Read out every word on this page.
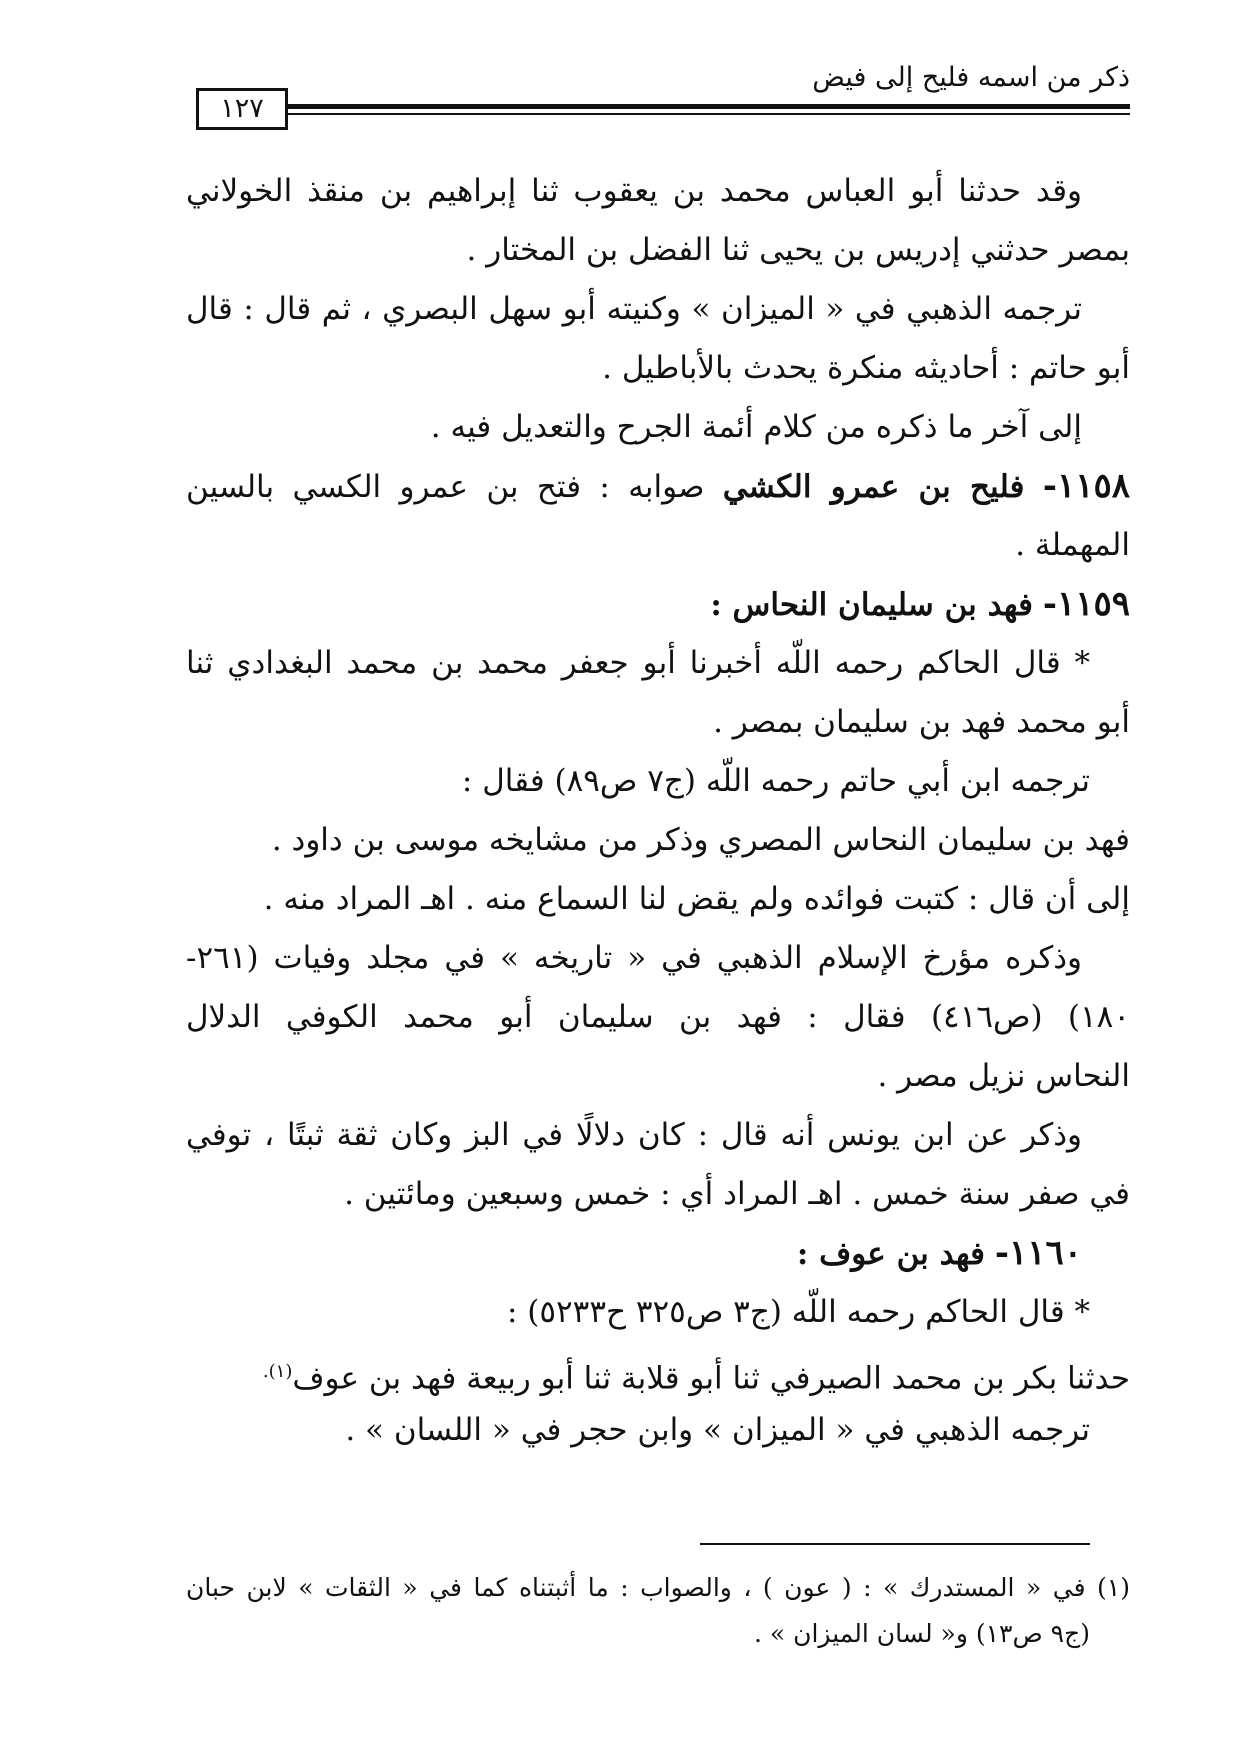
ذكر من اسمه فليح إلى فيض
١٢٧
وقد حدثنا أبو العباس محمد بن يعقوب ثنا إبراهيم بن منقذ الخولاني
بمصر حدثني إدريس بن يحيى ثنا الفضل بن المختار .
ترجمه الذهبي في « الميزان » وكنيته أبو سهل البصري ، ثم قال : قال
أبو حاتم : أحاديثه منكرة يحدث بالأباطيل .
إلى آخر ما ذكره من كلام أئمة الجرح والتعديل فيه .
١١٥٨- فليح بن عمرو الكشي صوابه : فتح بن عمرو الكسي بالسين
المهملة .
١١٥٩- فهد بن سليمان النحاس :
* قال الحاكم رحمه اللّه أخبرنا أبو جعفر محمد بن محمد البغدادي ثنا
أبو محمد فهد بن سليمان بمصر .
ترجمه ابن أبي حاتم رحمه اللّه (ج٧ ص٨٩) فقال :
فهد بن سليمان النحاس المصري وذكر من مشايخه موسى بن داود .
إلى أن قال : كتبت فوائده ولم يقض لنا السماع منه . اهـ المراد منه .
وذكره مؤرخ الإسلام الذهبي في « تاريخه » في مجلد وفيات (٢٦١-
١٨٠) (ص٤١٦) فقال : فهد بن سليمان أبو محمد الكوفي الدلال
النحاس نزيل مصر .
وذكر عن ابن يونس أنه قال : كان دلالًا في البز وكان ثقة ثبتًا ، توفي
في صفر سنة خمس . اهـ المراد أي : خمس وسبعين ومائتين .
١١٦٠- فهد بن عوف :
* قال الحاكم رحمه اللّه (ج٣ ص٣٢٥ ح٥٢٣٣) :
حدثنا بكر بن محمد الصيرفي ثنا أبو قلابة ثنا أبو ربيعة فهد بن عوف$^{(١).}$
ترجمه الذهبي في « الميزان » وابن حجر في « اللسان » .
(١) في « المستدرك » : ( عون ) ، والصواب : ما أثبتناه كما في « الثقات » لابن حبان
(ج٩ ص١٣) و« لسان الميزان » .
